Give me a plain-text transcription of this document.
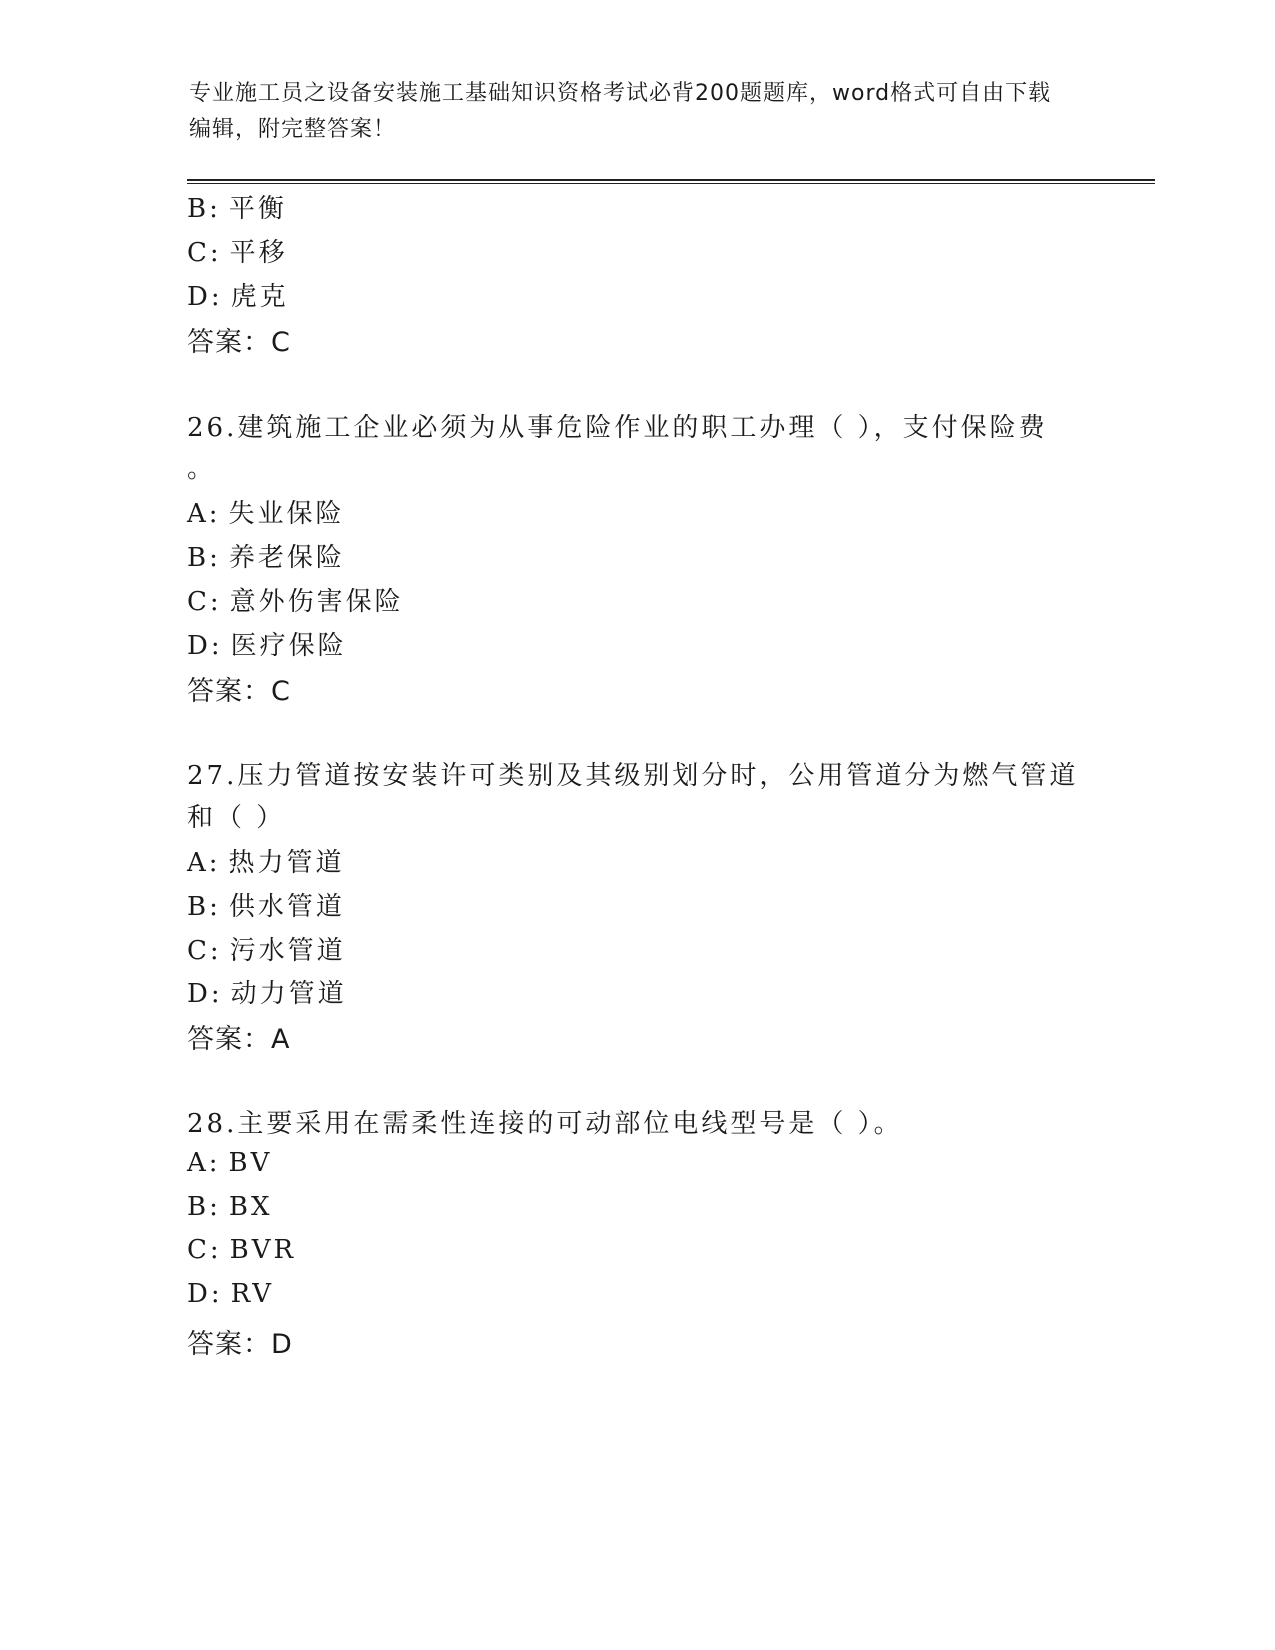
专业施工员之设备安装施工基础知识资格考试必背200题题库，word格式可自由下载编辑，附完整答案！
B: 平衡
C: 平移
D: 虎克
答案：C
26.建筑施工企业必须为从事危险作业的职工办理（ ），支付保险费
。
A: 失业保险
B: 养老保险
C: 意外伤害保险
D: 医疗保险
答案：C
27.压力管道按安装许可类别及其级别划分时，公用管道分为燃气管道
和（ ）
A: 热力管道
B: 供水管道
C: 污水管道
D: 动力管道
答案：A
28.主要采用在需柔性连接的可动部位电线型号是（ ）。
A: BV
B: BX
C: BVR
D: RV
答案：D
